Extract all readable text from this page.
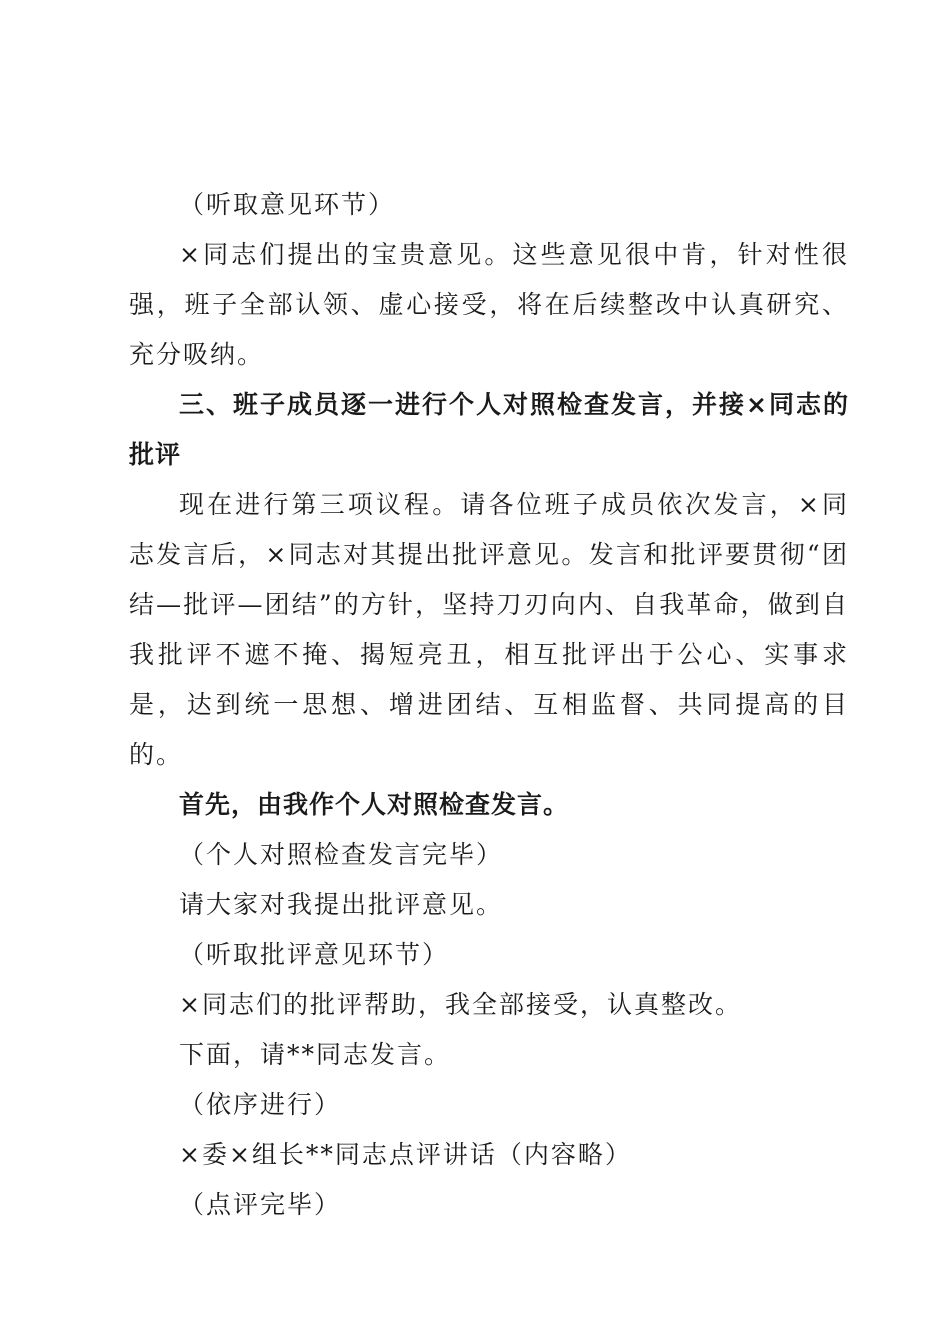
（听取意见环节）

×同志们提出的宝贵意见。这些意见很中肯，针对性很强，班子全部认领、虚心接受，将在后续整改中认真研究、充分吸纳。

三、班子成员逐一进行个人对照检查发言，并接×同志的批评

现在进行第三项议程。请各位班子成员依次发言，×同志发言后，×同志对其提出批评意见。发言和批评要贯彻“团结—批评—团结”的方针，坚持刀刃向内、自我革命，做到自我批评不遮不掩、揭短亮丑，相互批评出于公心、实事求是，达到统一思想、增进团结、互相监督、共同提高的目的。

首先，由我作个人对照检查发言。

（个人对照检查发言完毕）

请大家对我提出批评意见。

（听取批评意见环节）

×同志们的批评帮助，我全部接受，认真整改。

下面，请**同志发言。

（依序进行）

×委×组长**同志点评讲话（内容略）

（点评完毕）
